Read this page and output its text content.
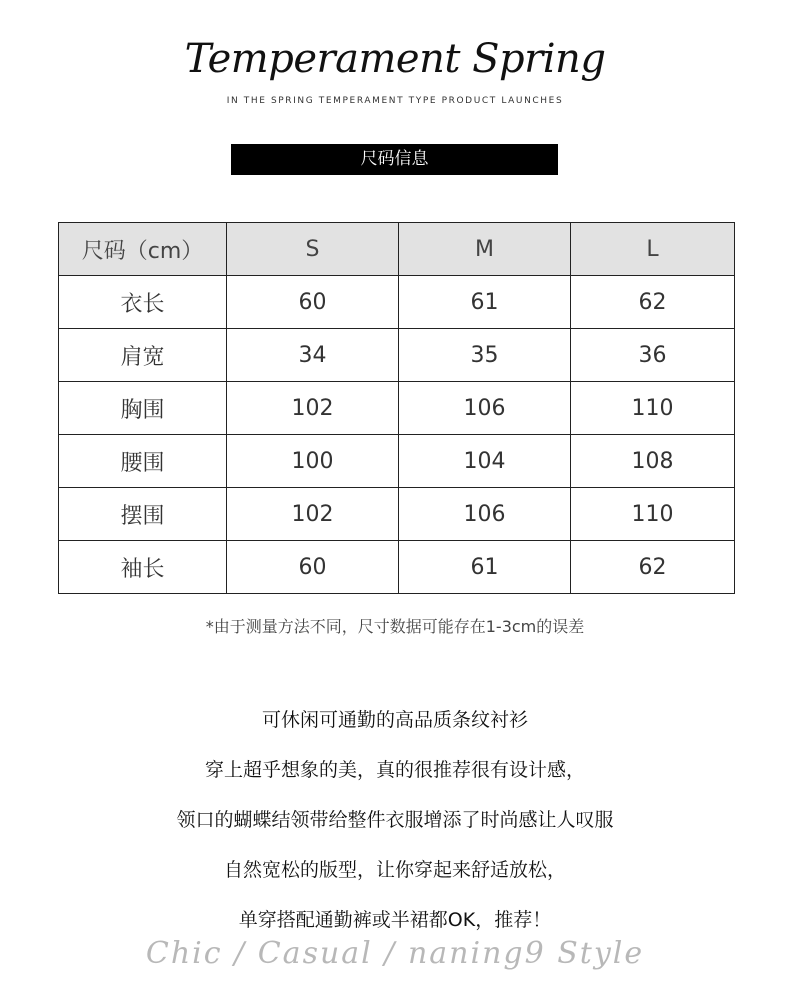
Temperament Spring
IN THE SPRING TEMPERAMENT TYPE PRODUCT LAUNCHES
尺码信息
尺码（cm）	S	M	L
衣长	60	61	62
肩宽	34	35	36
胸围	102	106	110
腰围	100	104	108
摆围	102	106	110
袖长	60	61	62
*由于测量方法不同，尺寸数据可能存在1-3cm的误差
可休闲可通勤的高品质条纹衬衫
穿上超乎想象的美，真的很推荐很有设计感，
领口的蝴蝶结领带给整件衣服增添了时尚感让人叹服
自然宽松的版型，让你穿起来舒适放松，
单穿搭配通勤裤或半裙都OK，推荐！
Chic / Casual / naning9 Style
